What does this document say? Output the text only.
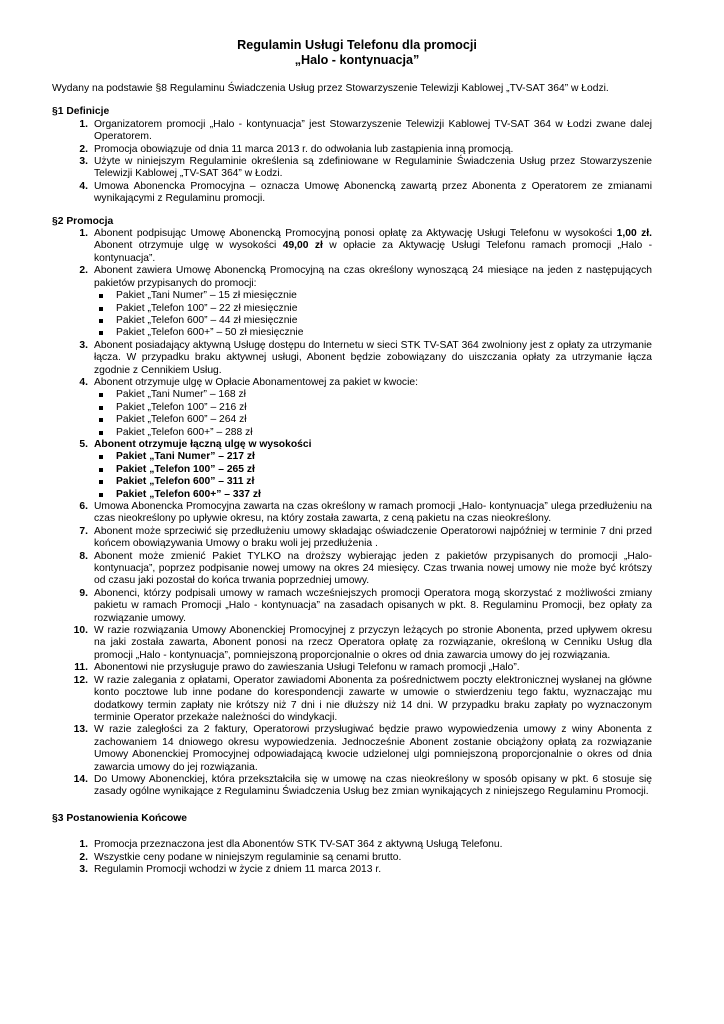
Regulamin Usługi Telefonu dla promocji
„Halo - kontynuacja”

Wydany na podstawie §8 Regulaminu Świadczenia Usług przez Stowarzyszenie Telewizji Kablowej „TV-SAT 364” w Łodzi.

§1 Definicje
1. Organizatorem promocji „Halo - kontynuacja” jest Stowarzyszenie Telewizji Kablowej TV-SAT 364 w Łodzi zwane dalej Operatorem.
2. Promocja obowiązuje od dnia 11 marca 2013 r. do odwołania lub zastąpienia inną promocją.
3. Użyte w niniejszym Regulaminie określenia są zdefiniowane w Regulaminie Świadczenia Usług przez Stowarzyszenie Telewizji Kablowej „TV-SAT 364” w Łodzi.
4. Umowa Abonencka Promocyjna – oznacza Umowę Abonencką zawartą przez Abonenta z Operatorem ze zmianami wynikającymi z Regulaminu promocji.
§2 Promocja
1. Abonent podpisując Umowę Abonencką Promocyjną ponosi opłatę za Aktywację Usługi Telefonu w wysokości 1,00 zł. Abonent otrzymuje ulgę w wysokości 49,00 zł w opłacie za Aktywację Usługi Telefonu ramach promocji „Halo - kontynuacja”.
2. Abonent zawiera Umowę Abonencką Promocyjną na czas określony wynoszącą 24 miesiące na jeden z następujących pakietów przypisanych do promocji:
Pakiet „Tani Numer” – 15 zł miesięcznie
Pakiet „Telefon 100” – 22 zł miesięcznie
Pakiet „Telefon 600” – 44 zł miesięcznie
Pakiet „Telefon 600+” – 50 zł miesięcznie
3. Abonent posiadający aktywną Usługę dostępu do Internetu w sieci STK TV-SAT 364 zwolniony jest z opłaty za utrzymanie łącza. W przypadku braku aktywnej usługi, Abonent będzie zobowiązany do uiszczania opłaty za utrzymanie łącza zgodnie z Cennikiem Usług.
4. Abonent otrzymuje ulgę w Opłacie Abonamentowej za pakiet w kwocie:
Pakiet „Tani Numer” – 168 zł
Pakiet „Telefon 100” – 216 zł
Pakiet „Telefon 600” – 264 zł
Pakiet „Telefon 600+” – 288 zł
5. Abonent otrzymuje łączną ulgę w wysokości
Pakiet „Tani Numer” – 217 zł
Pakiet „Telefon 100” – 265 zł
Pakiet „Telefon 600” – 311 zł
Pakiet „Telefon 600+” – 337 zł
6. Umowa Abonencka Promocyjna zawarta na czas określony w ramach promocji „Halo- kontynuacja” ulega przedłużeniu na czas nieokreślony po upływie okresu, na który została zawarta, z ceną pakietu na czas nieokreślony.
7. Abonent może sprzeciwić się przedłużeniu umowy składając oświadczenie Operatorowi najpóźniej w terminie 7 dni przed końcem obowiązywania Umowy o braku woli jej przedłużenia .
8. Abonent może zmienić Pakiet TYLKO na droższy wybierając jeden z pakietów przypisanych do promocji „Halo-kontynuacja”, poprzez podpisanie nowej umowy na okres 24 miesięcy. Czas trwania nowej umowy nie może być krótszy od czasu jaki pozostał do końca trwania poprzedniej umowy.
9. Abonenci, którzy podpisali umowy w ramach wcześniejszych promocji Operatora mogą skorzystać z możliwości zmiany pakietu w ramach Promocji „Halo - kontynuacja” na zasadach opisanych w pkt. 8. Regulaminu Promocji, bez opłaty za rozwiązanie umowy.
10. W razie rozwiązania Umowy Abonenckiej Promocyjnej z przyczyn leżących po stronie Abonenta, przed upływem okresu na jaki została zawarta, Abonent ponosi na rzecz Operatora opłatę za rozwiązanie, określoną w Cenniku Usług dla promocji „Halo - kontynuacja”, pomniejszoną proporcjonalnie o okres od dnia zawarcia umowy do jej rozwiązania.
11. Abonentowi nie przysługuje prawo do zawieszania Usługi Telefonu w ramach promocji „Halo”.
12. W razie zalegania z opłatami, Operator zawiadomi Abonenta za pośrednictwem poczty elektronicznej wysłanej na główne konto pocztowe lub inne podane do korespondencji zawarte w umowie o stwierdzeniu tego faktu, wyznaczając mu dodatkowy termin zapłaty nie krótszy niż 7 dni i nie dłuższy niż 14 dni. W przypadku braku zapłaty po wyznaczonym terminie Operator przekaże należności do windykacji.
13. W razie zaległości za 2 faktury, Operatorowi przysługiwać będzie prawo wypowiedzenia umowy z winy Abonenta z zachowaniem 14 dniowego okresu wypowiedzenia. Jednocześnie Abonent zostanie obciążony opłatą za rozwiązanie Umowy Abonenckiej Promocyjnej odpowiadającą kwocie udzielonej ulgi pomniejszoną proporcjonalnie o okres od dnia zawarcia umowy do jej rozwiązania.
14. Do Umowy Abonenckiej, która przekształciła się w umowę na czas nieokreślony w sposób opisany w pkt. 6 stosuje się zasady ogólne wynikające z Regulaminu Świadczenia Usług bez zmian wynikających z niniejszego Regulaminu Promocji.
§3 Postanowienia Końcowe
1. Promocja przeznaczona jest dla Abonentów STK TV-SAT 364 z aktywną Usługą Telefonu.
2. Wszystkie ceny podane w niniejszym regulaminie są cenami brutto.
3. Regulamin Promocji wchodzi w życie z dniem 11 marca 2013 r.
